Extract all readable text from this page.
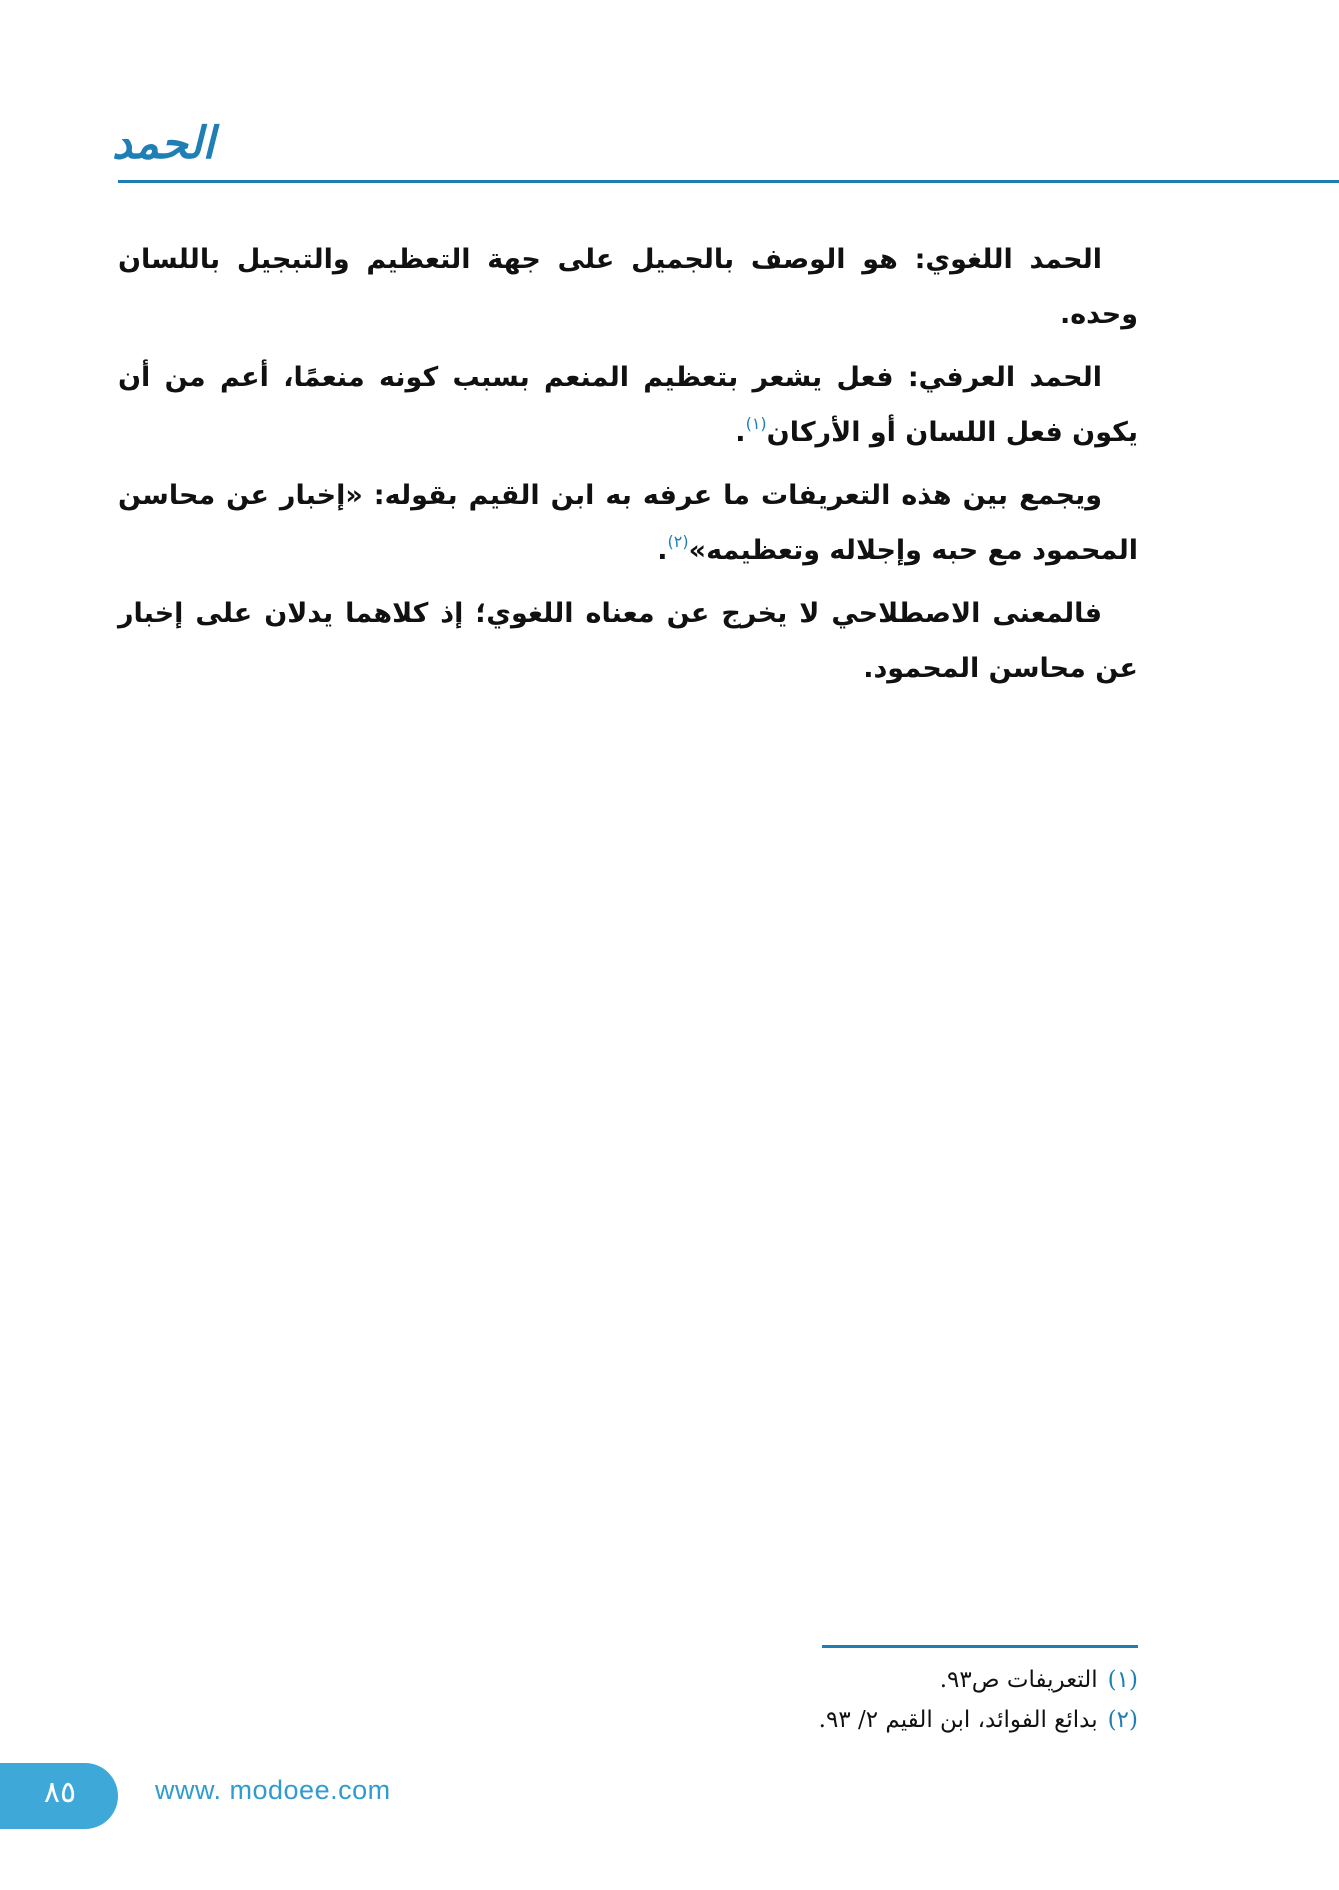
الحمد

الحمد اللغوي: هو الوصف بالجميل على جهة التعظيم والتبجيل باللسان وحده.

الحمد العرفي: فعل يشعر بتعظيم المنعم بسبب كونه منعمًا، أعم من أن يكون فعل اللسان أو الأركان$^{(١)}$.

ويجمع بين هذه التعريفات ما عرفه به ابن القيم بقوله: «إخبار عن محاسن المحمود مع حبه وإجلاله وتعظيمه»$^{(٢)}$.

فالمعنى الاصطلاحي لا يخرج عن معناه اللغوي؛ إذ كلاهما يدلان على إخبار عن محاسن المحمود.

(١)التعريفات ص٩٣.
(٢)بدائع الفوائد، ابن القيم ٢/ ٩٣.
٨٥	www. modoee.com
